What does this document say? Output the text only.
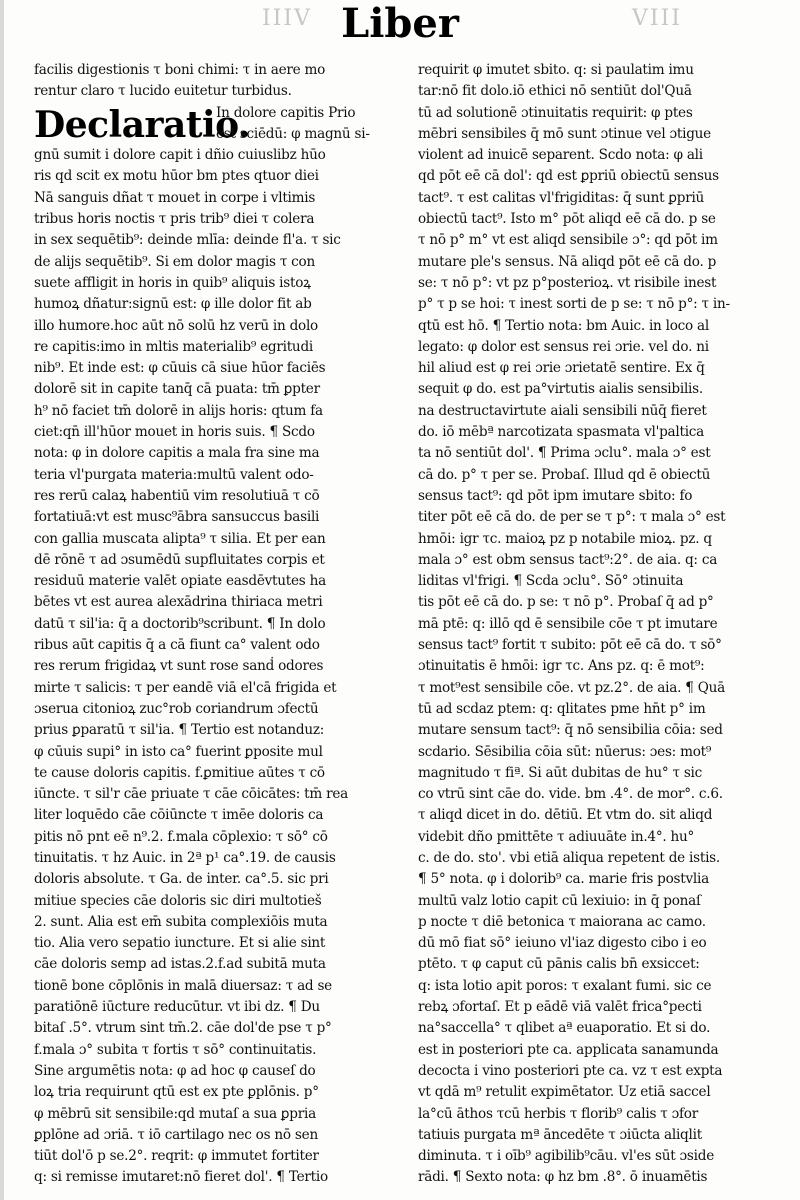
IIIV	VIII
Liber
facilis digestionis τ boni chimi: τ in aere mo
rentur claro τ lucido euitetur turbidus.
Declaratio.
In dolore capitis Prio
est sciēdū: φ magnū si-
gnū sumit i dolore capit i dñio cuiuslibz hūo
ris qd scit ex motu hūor bm ptes qtuor diei
Nā sanguis dñat τ mouet in corpe i vltimis
tribus horis noctis τ pris trib⁹ diei τ colera
in sex sequētib⁹: deinde mlīa: deinde fl'a. τ sic
de alijs sequētib⁹. Si em dolor magis τ con
suete affligit in horis in quib⁹ aliquis istoꝝ
humoꝝ dñatur:signū est: φ ille dolor fit ab
illo humore.hoc aūt nō solū hz verū in dolo
re capitis:imo in mltis materialib⁹ egritudi
nib⁹. Et inde est: φ cūuis cā siue hūor faciēs
dolorē sit in capite tanq̄ cā puata: tm̄ ꝑpter
h⁹ nō faciet tm̄ dolorē in alijs horis: qtum fa
ciet:qn̄ ill'hūor mouet in horis suis. ¶ Scdo
nota: φ in dolore capitis a mala fra sine ma
teria vl'purgata materia:multū valent odo-
res rerū calaꝝ habentiū vim resolutiuā τ cō
fortatiuā:vt est musc⁹ābra sansuccus basili
con gallia muscata alipta⁹ τ silia. Et per ean
dē rōnē τ ad ɔsumēdū supfluitates corpis et
residuū materie valēt opiate easdēvtutes ha
bētes vt est aurea alexādrina thiriaca metri
datū τ sil'ia: q̄ a doctorib⁹scribunt. ¶ In dolo
ribus aūt capitis q̄ a cā fiunt ca° valent odo
res rerum frigidaꝝ vt sunt rose sanḋ odores
mirte τ salicis: τ per eandē viā el'cā frigida et
ɔserua citonioꝝ zuc°rob coriandrum ɔfectū
prius ꝑparatū τ sil'ia. ¶ Tertio est notanduz:
φ cūuis supi° in isto ca° fuerint ꝑposite mul
te cause doloris capitis. f.ꝑmitiue aūtes τ cō
iūncte. τ sil'r cāe priuate τ cāe cōicātes: tm̄ rea
liter loquēdo cāe cōiūncte τ imēe doloris ca
pitis nō pnt eē n⁹.2. f.mala cōplexio: τ sō° cō
tinuitatis. τ hz Auic. in 2ª p¹ ca°.19. de causis
doloris absolute. τ Ga. de inter. ca°.5. sic pri
mitiue species cāe doloris sic diri multotieš
2. sunt. Alia est em̄ subita complexiōis muta
tio. Alia vero sepatio iuncture. Et si alie sint
cāe doloris semp ad istas.2.f.ad subitā muta
tionē bone cōplōnis in malā diuersaz: τ ad se
paratiōnē iūcture reducūtur. vt ibi dz. ¶ Du
bitaſ .5°. vtrum sint tm̄.2. cāe dol'de pse τ p°
f.mala ɔ° subita τ fortis τ sō° continuitatis.
Sine argumētis nota: φ ad hoc φ causeſ do
loꝝ tria requirunt qtū est ex pte ꝑplōnis. p°
φ mēbrū sit sensibile:qd mutaſ a sua ꝑpria
ꝑplōne ad ɔriā. τ iō cartilago nec os nō sen
tiūt dol'ō p se.2°. reqrit: φ immutet fortiter
q: si remisse imutaret:nō fieret dol'. ¶ Tertio
requirit φ imutet sbito. q: si paulatim imu
tar:nō fit dolo.iō ethici nō sentiūt dol'Quā
tū ad solutionē ɔtinuitatis requirit: φ ptes
mēbri sensibiles q̄ mō sunt ɔtinue vel ɔtigue
violent ad inuicē separent. Scdo nota: φ ali
qd pōt eē cā dol': qd est ꝑpriū obiectū sensus
tact⁹. τ est calitas vl'frigiditas: q̄ sunt ꝑpriū
obiectū tact⁹. Isto m° pōt aliqd eē cā do. p se
τ nō p° m° vt est aliqd sensibile ɔ°: qd pōt im
mutare ple's sensus. Nā aliqd pōt eē cā do. p
se: τ nō p°: vt pz p°posterioꝝ. vt risibile inest
p° τ p se hoi: τ inest sorti de p se: τ nō p°: τ in-
qtū est hō. ¶ Tertio nota: bm Auic. in loco al
legato: φ dolor est sensus rei ɔrie. vel do. ni
hil aliud est φ rei ɔrie ɔrietatē sentire. Ex q̄
sequit φ do. est pa°virtutis aialis sensibilis.
na destructavirtute aiali sensibili nūq̄ fieret
do. iō mēbª narcotizata spasmata vl'paltica
ta nō sentiūt dol'. ¶ Prima ɔclu°. mala ɔ° est
cā do. p° τ per se. Probaſ. Illud qd ē obiectū
sensus tact⁹: qd pōt ipm imutare sbito: fo
titer pōt eē cā do. de per se τ p°: τ mala ɔ° est
hmōi: igr τc. maioꝝ pz p notabile mioꝝ. pz. q
mala ɔ° est obm sensus tact⁹:2°. de aia. q: ca
liditas vl'frigi. ¶ Scda ɔclu°. Sō° ɔtinuita
tis pōt eē cā do. p se: τ nō p°. Probaſ q̄ ad p°
mā ptē: q: illō qd ē sensibile cōe τ pt imutare
sensus tact⁹ fortit τ subito: pōt eē cā do. τ sō°
ɔtinuitatis ē hmōi: igr τc. Ans pz. q: ē mot⁹:
τ mot⁹est sensibile cōe. vt pz.2°. de aia. ¶ Quā
tū ad scdaz ptem: q: qlitates pme hn̄t p° im
mutare sensum tact⁹: q̄ nō sensibilia cōia: sed
scdario. Sēsibilia cōia sūt: nūerus: ɔes: mot⁹
magnitudo τ fiª. Si aūt dubitas de hu° τ sic
co vtrū sint cāe do. vide. bm .4°. de mor°. c.6.
τ aliqd dicet in do. dētiū. Et vtm do. sit aliqd
videbit dño pmittēte τ adiuuāte in.4°. hu°
c. de do. sto'. vbi etiā aliqua repetent de istis.
¶ 5° nota. φ i dolorib⁹ ca. marie fris postvlia
multū valz lotio capit cū lexiuio: in q̄ ponaſ
p nocte τ diē betonica τ maiorana ac camo.
dū mō fiat sō° ieiuno vl'iaz digesto cibo i eo
ptēto. τ φ caput cū pānis calis bn̄ exsiccet:
q: ista lotio apit poros: τ exalant fumi. sic ce
rebꝝ ɔfortaſ. Et p eādē viā valēt frica°pecti
na°saccella° τ qlibet aª euaporatio. Et si do.
est in posteriori pte ca. applicata sanamunda
decocta i vino posteriori pte ca. vz τ est expta
vt qdā m⁹ retulit expimētator. Uz etiā saccel
la°cū āthos τcū herbis τ florib⁹ calis τ ɔfor
tatiuis purgata mª āncedēte τ ɔiūcta aliqlit
diminuta. τ i oīb⁹ agibilib⁹cāu. vl'es sūt ɔside
rādi. ¶ Sexto nota: φ hz bm .8°. ō inuamētis
